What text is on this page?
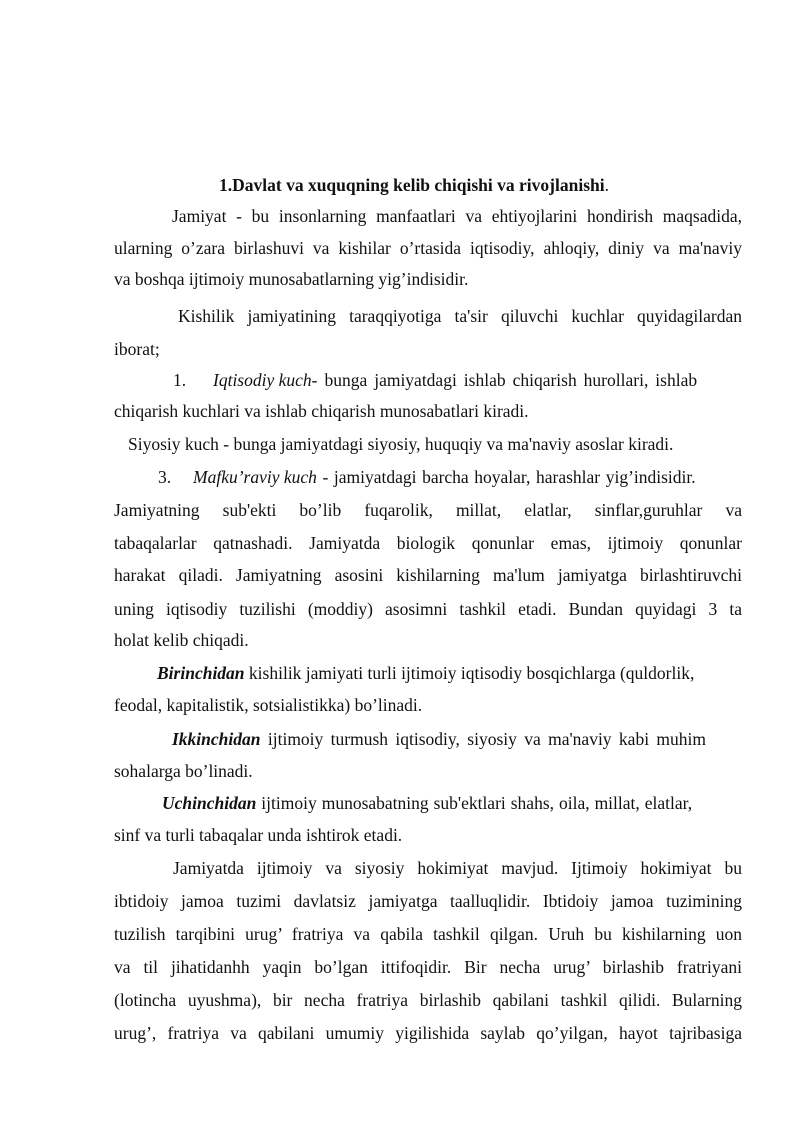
1.Davlat va xuquqning kelib chiqishi va rivojlanishi.
Jamiyat - bu insonlarning manfaatlari va ehtiyojlarini hondirish maqsadida,
ularning o’zara birlashuvi va kishilar o’rtasida iqtisodiy, ahloqiy, diniy va ma'naviy
va boshqa ijtimoiy munosabatlarning yig’indisidir.
Kishilik jamiyatining taraqqiyotiga ta'sir qiluvchi kuchlar quyidagilardan
iborat;
1. Iqtisodiy kuch- bunga jamiyatdagi ishlab chiqarish hurollari, ishlab
chiqarish kuchlari va ishlab chiqarish munosabatlari kiradi.
Siyosiy kuch - bunga jamiyatdagi siyosiy, huquqiy va ma'naviy asoslar kiradi.
3. Mafku’raviy kuch - jamiyatdagi barcha hoyalar, harashlar yig’indisidir.
Jamiyatning sub'ekti bo’lib fuqarolik, millat, elatlar, sinflar,guruhlar va
tabaqalarlar qatnashadi. Jamiyatda biologik qonunlar emas, ijtimoiy qonunlar
harakat qiladi. Jamiyatning asosini kishilarning ma'lum jamiyatga birlashtiruvchi
uning iqtisodiy tuzilishi (moddiy) asosimni tashkil etadi. Bundan quyidagi 3 ta
holat kelib chiqadi.
Birinchidan kishilik jamiyati turli ijtimoiy iqtisodiy bosqichlarga (quldorlik,
feodal, kapitalistik, sotsialistikka) bo’linadi.
Ikkinchidan ijtimoiy turmush iqtisodiy, siyosiy va ma'naviy kabi muhim
sohalarga bo’linadi.
Uchinchidan ijtimoiy munosabatning sub'ektlari shahs, oila, millat, elatlar,
sinf va turli tabaqalar unda ishtirok etadi.
Jamiyatda ijtimoiy va siyosiy hokimiyat mavjud. Ijtimoiy hokimiyat bu
ibtidoiy jamoa tuzimi davlatsiz jamiyatga taalluqlidir. Ibtidoiy jamoa tuzimining
tuzilish tarqibini urug’ fratriya va qabila tashkil qilgan. Uruh bu kishilarning uon
va til jihatidanhh yaqin bo’lgan ittifoqidir. Bir necha urug’ birlashib fratriyani
(lotincha uyushma), bir necha fratriya birlashib qabilani tashkil qilidi. Bularning
urug’, fratriya va qabilani umumiy yigilishida saylab qo’yilgan, hayot tajribasiga
